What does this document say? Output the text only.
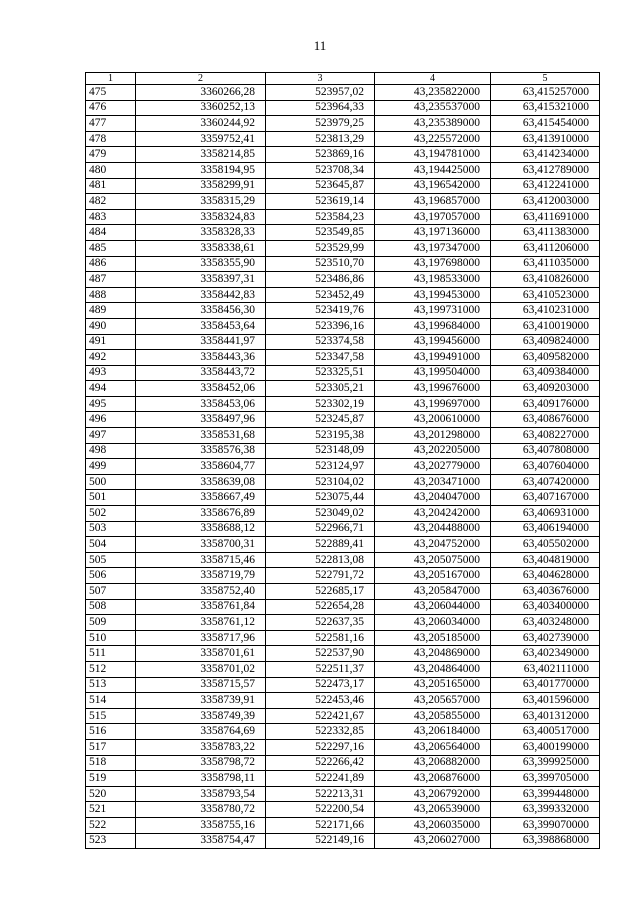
11
1	2	3	4	5
475	3360266,28	523957,02	43,235822000	63,415257000
476	3360252,13	523964,33	43,235537000	63,415321000
477	3360244,92	523979,25	43,235389000	63,415454000
478	3359752,41	523813,29	43,225572000	63,413910000
479	3358214,85	523869,16	43,194781000	63,414234000
480	3358194,95	523708,34	43,194425000	63,412789000
481	3358299,91	523645,87	43,196542000	63,412241000
482	3358315,29	523619,14	43,196857000	63,412003000
483	3358324,83	523584,23	43,197057000	63,411691000
484	3358328,33	523549,85	43,197136000	63,411383000
485	3358338,61	523529,99	43,197347000	63,411206000
486	3358355,90	523510,70	43,197698000	63,411035000
487	3358397,31	523486,86	43,198533000	63,410826000
488	3358442,83	523452,49	43,199453000	63,410523000
489	3358456,30	523419,76	43,199731000	63,410231000
490	3358453,64	523396,16	43,199684000	63,410019000
491	3358441,97	523374,58	43,199456000	63,409824000
492	3358443,36	523347,58	43,199491000	63,409582000
493	3358443,72	523325,51	43,199504000	63,409384000
494	3358452,06	523305,21	43,199676000	63,409203000
495	3358453,06	523302,19	43,199697000	63,409176000
496	3358497,96	523245,87	43,200610000	63,408676000
497	3358531,68	523195,38	43,201298000	63,408227000
498	3358576,38	523148,09	43,202205000	63,407808000
499	3358604,77	523124,97	43,202779000	63,407604000
500	3358639,08	523104,02	43,203471000	63,407420000
501	3358667,49	523075,44	43,204047000	63,407167000
502	3358676,89	523049,02	43,204242000	63,406931000
503	3358688,12	522966,71	43,204488000	63,406194000
504	3358700,31	522889,41	43,204752000	63,405502000
505	3358715,46	522813,08	43,205075000	63,404819000
506	3358719,79	522791,72	43,205167000	63,404628000
507	3358752,40	522685,17	43,205847000	63,403676000
508	3358761,84	522654,28	43,206044000	63,403400000
509	3358761,12	522637,35	43,206034000	63,403248000
510	3358717,96	522581,16	43,205185000	63,402739000
511	3358701,61	522537,90	43,204869000	63,402349000
512	3358701,02	522511,37	43,204864000	63,402111000
513	3358715,57	522473,17	43,205165000	63,401770000
514	3358739,91	522453,46	43,205657000	63,401596000
515	3358749,39	522421,67	43,205855000	63,401312000
516	3358764,69	522332,85	43,206184000	63,400517000
517	3358783,22	522297,16	43,206564000	63,400199000
518	3358798,72	522266,42	43,206882000	63,399925000
519	3358798,11	522241,89	43,206876000	63,399705000
520	3358793,54	522213,31	43,206792000	63,399448000
521	3358780,72	522200,54	43,206539000	63,399332000
522	3358755,16	522171,66	43,206035000	63,399070000
523	3358754,47	522149,16	43,206027000	63,398868000
